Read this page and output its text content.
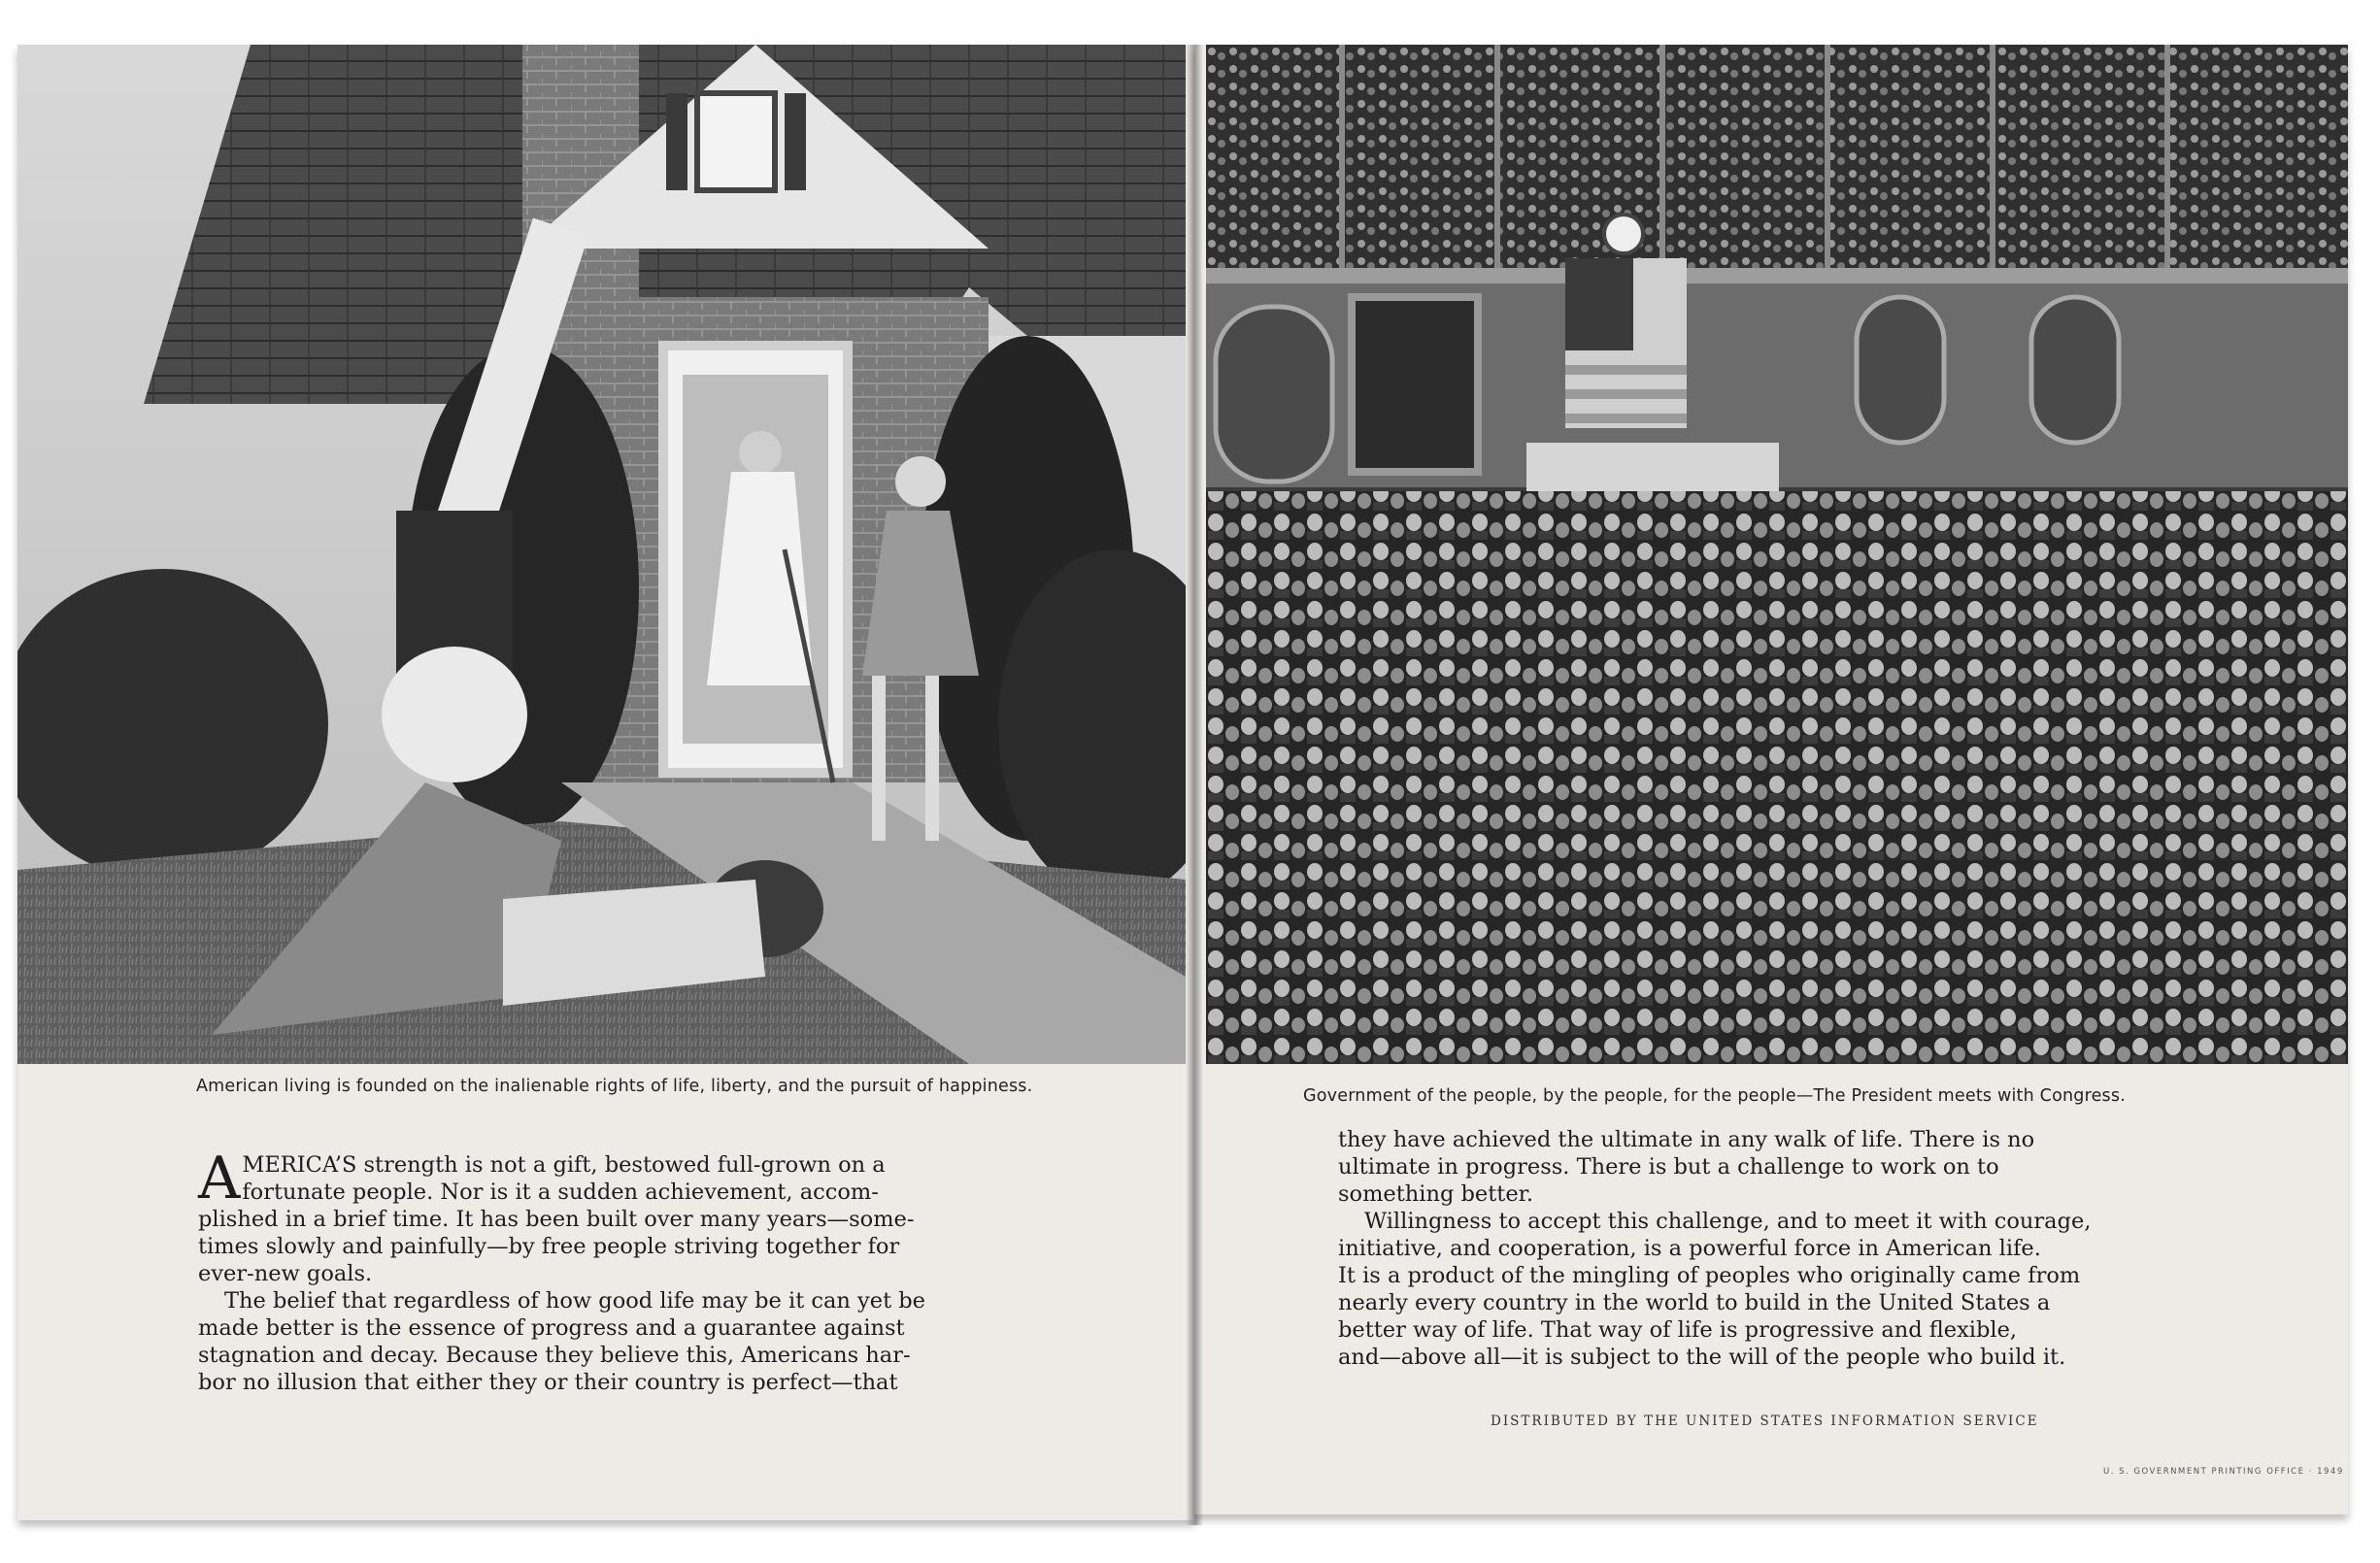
American living is founded on the inalienable rights of life, liberty, and the pursuit of happiness.

AMERICA’S strength is not a gift, bestowed full-grown on a

fortunate people. Nor is it a sudden achievement, accom-

plished in a brief time. It has been built over many years—some-

times slowly and painfully—by free people striving together for

ever-new goals.

The belief that regardless of how good life may be it can yet be

made better is the essence of progress and a guarantee against

stagnation and decay. Because they believe this, Americans har-

bor no illusion that either they or their country is perfect—that

Government of the people, by the people, for the people—The President meets with Congress.

they have achieved the ultimate in any walk of life. There is no

ultimate in progress. There is but a challenge to work on to

something better.

Willingness to accept this challenge, and to meet it with courage,

initiative, and cooperation, is a powerful force in American life.

It is a product of the mingling of peoples who originally came from

nearly every country in the world to build in the United States a

better way of life. That way of life is progressive and flexible,

and—above all—it is subject to the will of the people who build it.

DISTRIBUTED BY THE UNITED STATES INFORMATION SERVICE
U. S. GOVERNMENT PRINTING OFFICE · 1949
